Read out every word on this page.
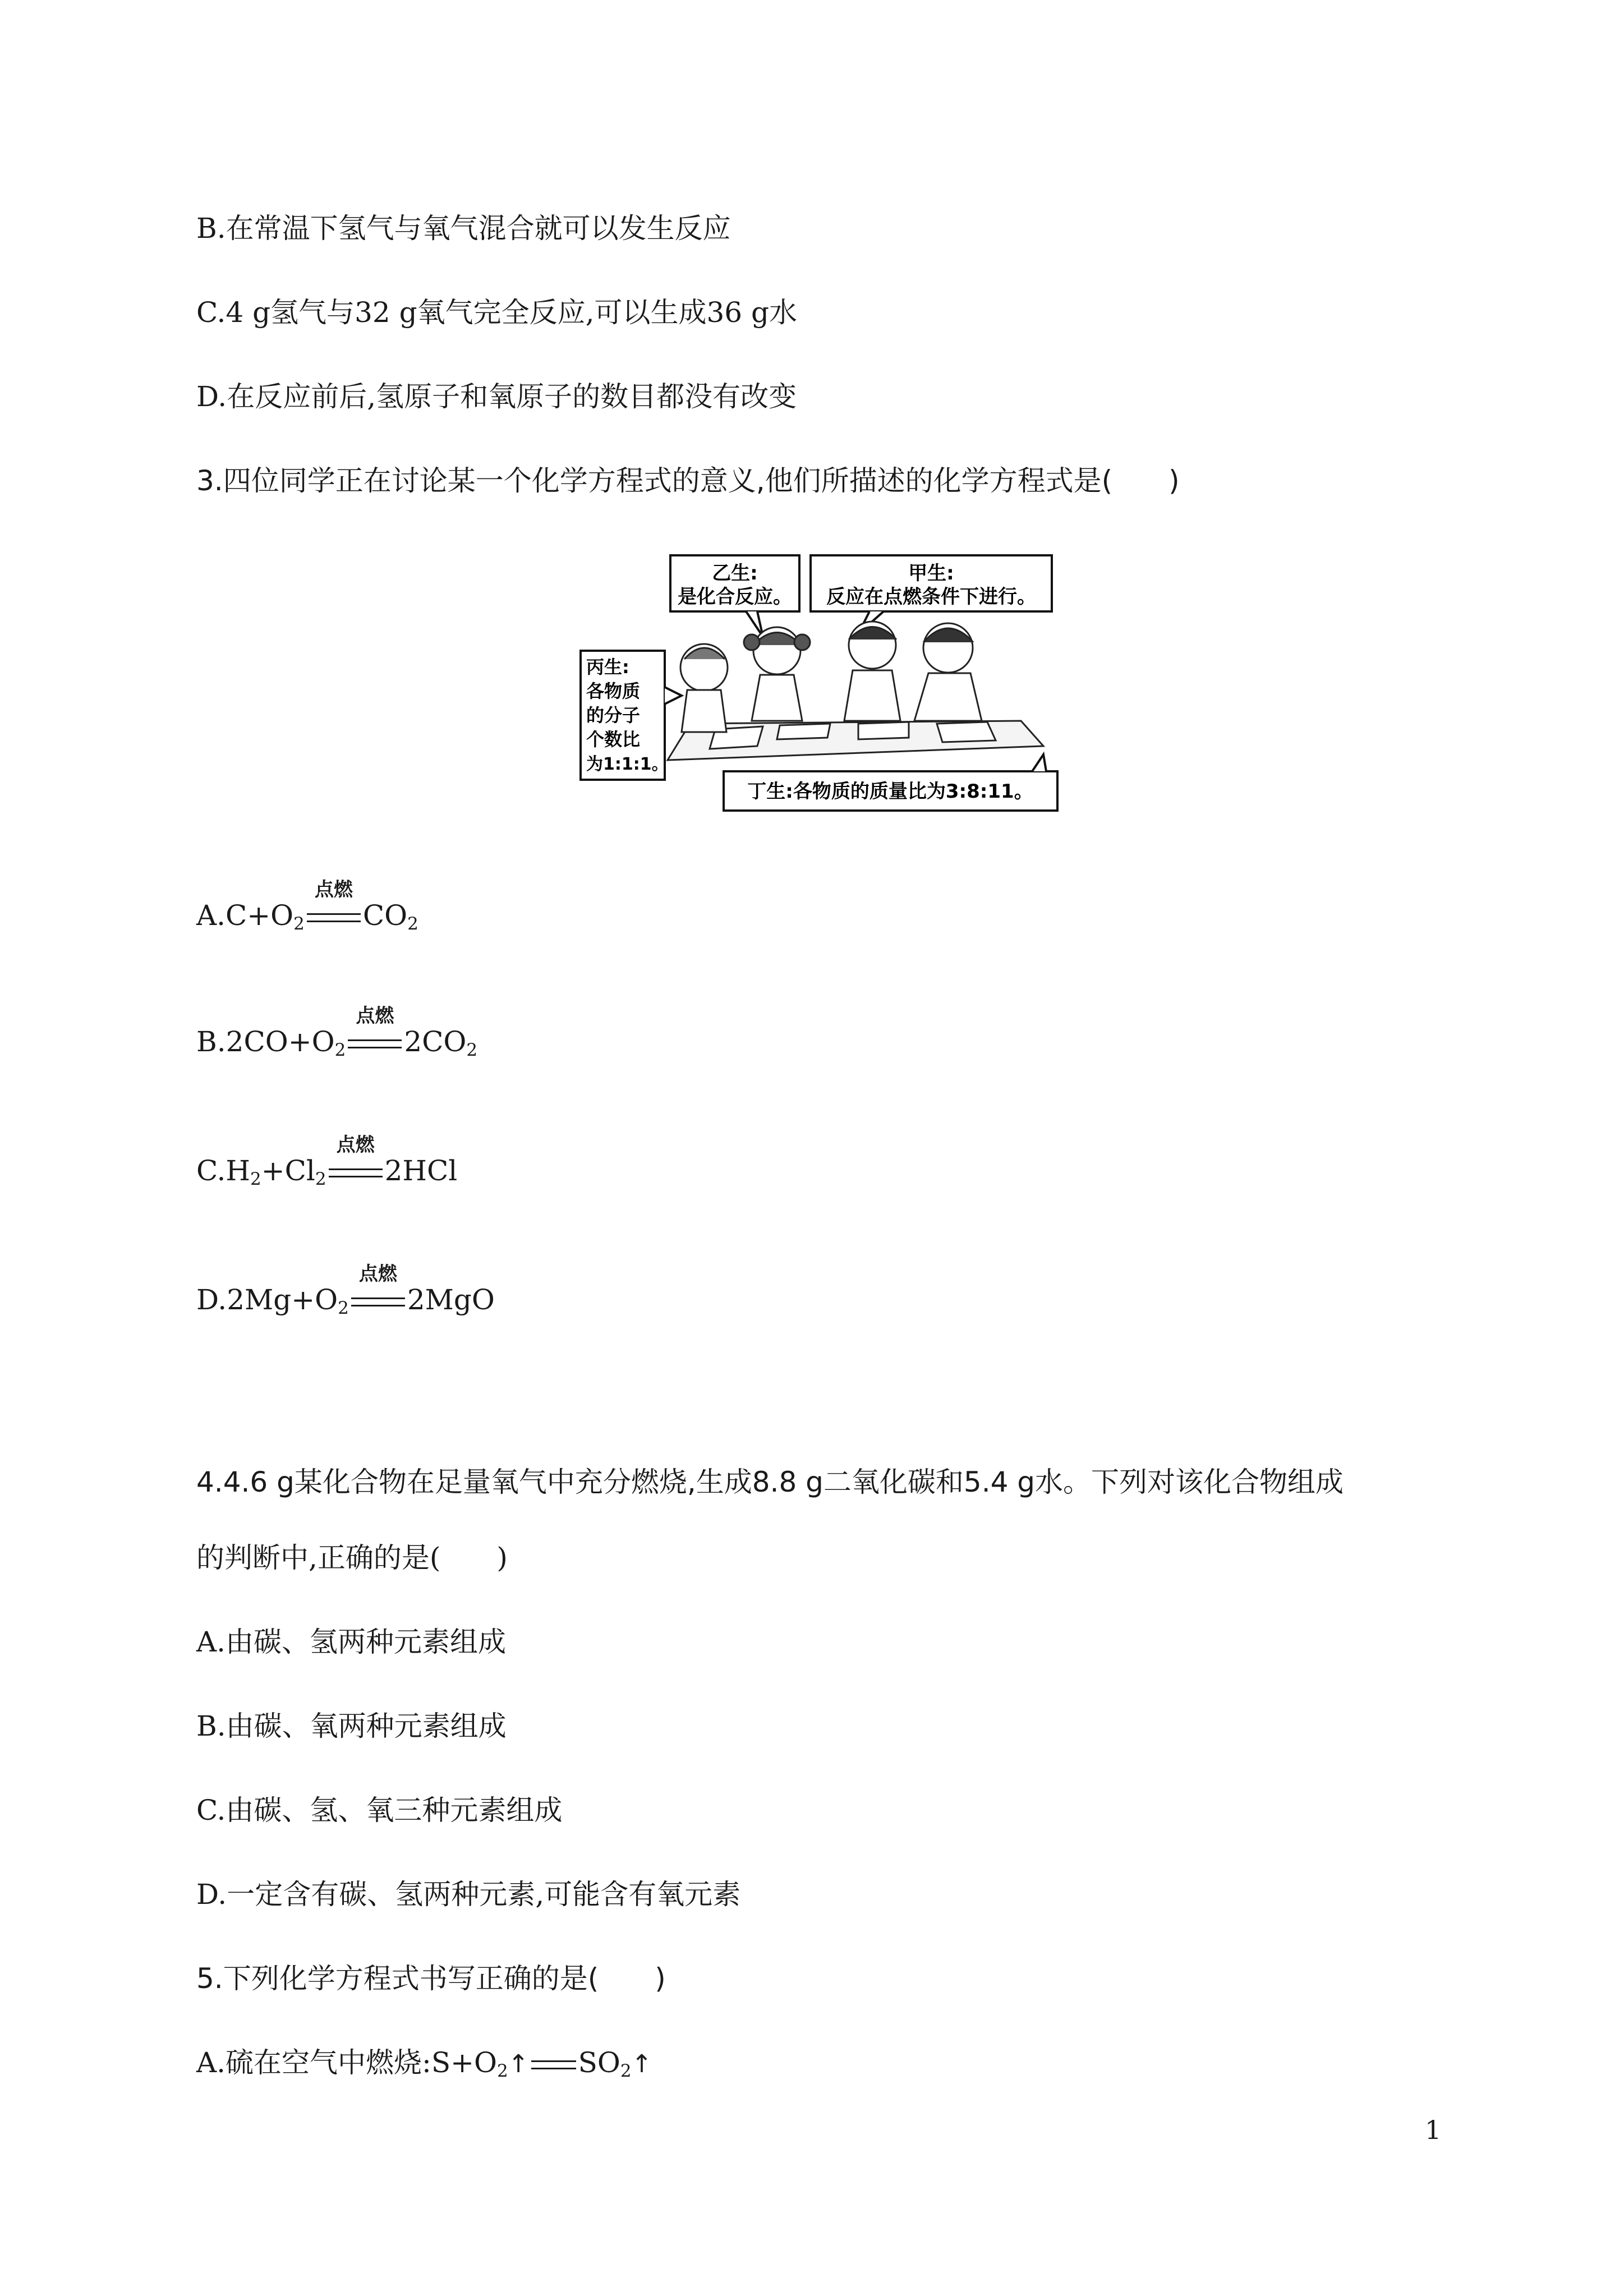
B.在常温下氢气与氧气混合就可以发生反应
C.4 g氢气与32 g氧气完全反应,可以生成36 g水
D.在反应前后,氢原子和氧原子的数目都没有改变
3.四位同学正在讨论某一个化学方程式的意义,他们所描述的化学方程式是(　　)
乙生:
是化合反应。
甲生:
反应在点燃条件下进行。
丙生:
各物质
的分子
个数比
为1:1:1。
丁生:各物质的质量比为3:8:11。
$A.C+O_2$
点燃
$CO_2$
$B.2CO+O_2$
点燃
$2CO_2$
$C.H_2+Cl_2$
点燃
2HCl
$D.2Mg+O_2$
点燃
2MgO
4.4.6 g某化合物在足量氧气中充分燃烧,生成8.8 g二氧化碳和5.4 g水。下列对该化合物组成
的判断中,正确的是(　　)
A.由碳、氢两种元素组成
B.由碳、氧两种元素组成
C.由碳、氢、氧三种元素组成
D.一定含有碳、氢两种元素,可能含有氧元素
5.下列化学方程式书写正确的是(　　)
A.硫在空气中燃烧$:S+O_2↑$ $SO_2↑$
1
